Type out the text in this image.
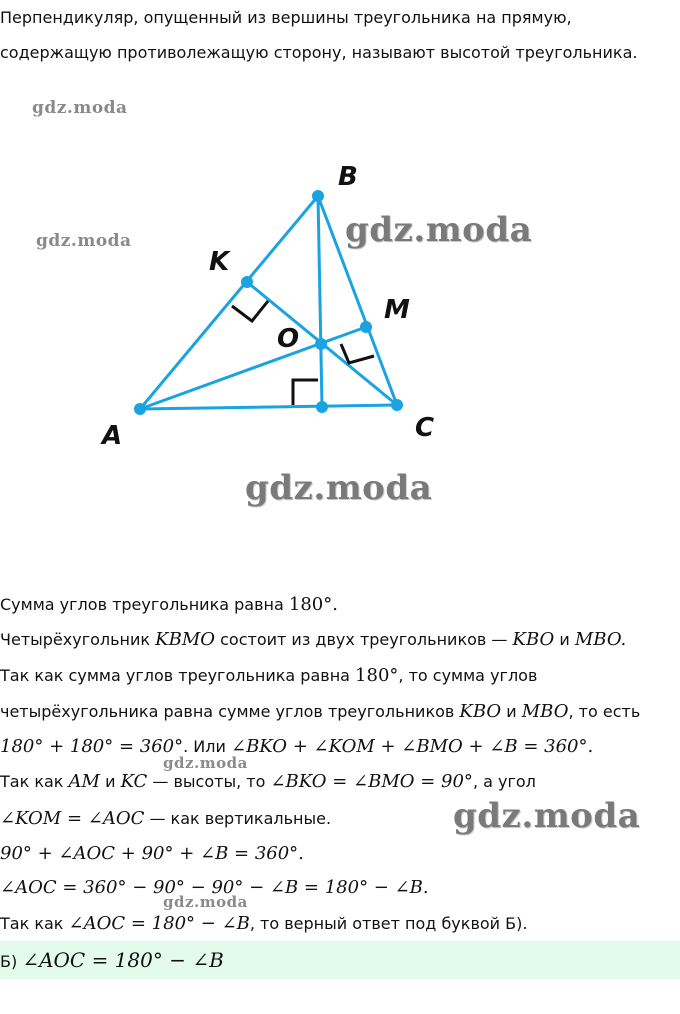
Перпендикуляр, опущенный из вершины треугольника на прямую,
содержащую противолежащую сторону, называют высотой треугольника.
gdz.moda
gdz.moda	gdz.moda
gdz.moda
gdz.moda
gdz.moda
gdz.moda
B
K
M
O
A	C
Сумма углов треугольника равна 180°.
Четырёхугольник KBMO состоит из двух треугольников — KBO и MBO.
Так как сумма углов треугольника равна 180°, то сумма углов
четырёхугольника равна сумме углов треугольников KBO и MBO, то есть
180° + 180° = 360°. Или ∠BKO + ∠KOM + ∠BMO + ∠B = 360°.
Так как AM и KC — высоты, то ∠BKO = ∠BMO = 90°, а угол
∠KOM = ∠AOC — как вертикальные.
90° + ∠AOC + 90° + ∠B = 360°.
∠AOC = 360° − 90° − 90° − ∠B = 180° − ∠B.
Так как ∠AOC = 180° − ∠B, то верный ответ под буквой Б).
Б) ∠AOC = 180° − ∠B
